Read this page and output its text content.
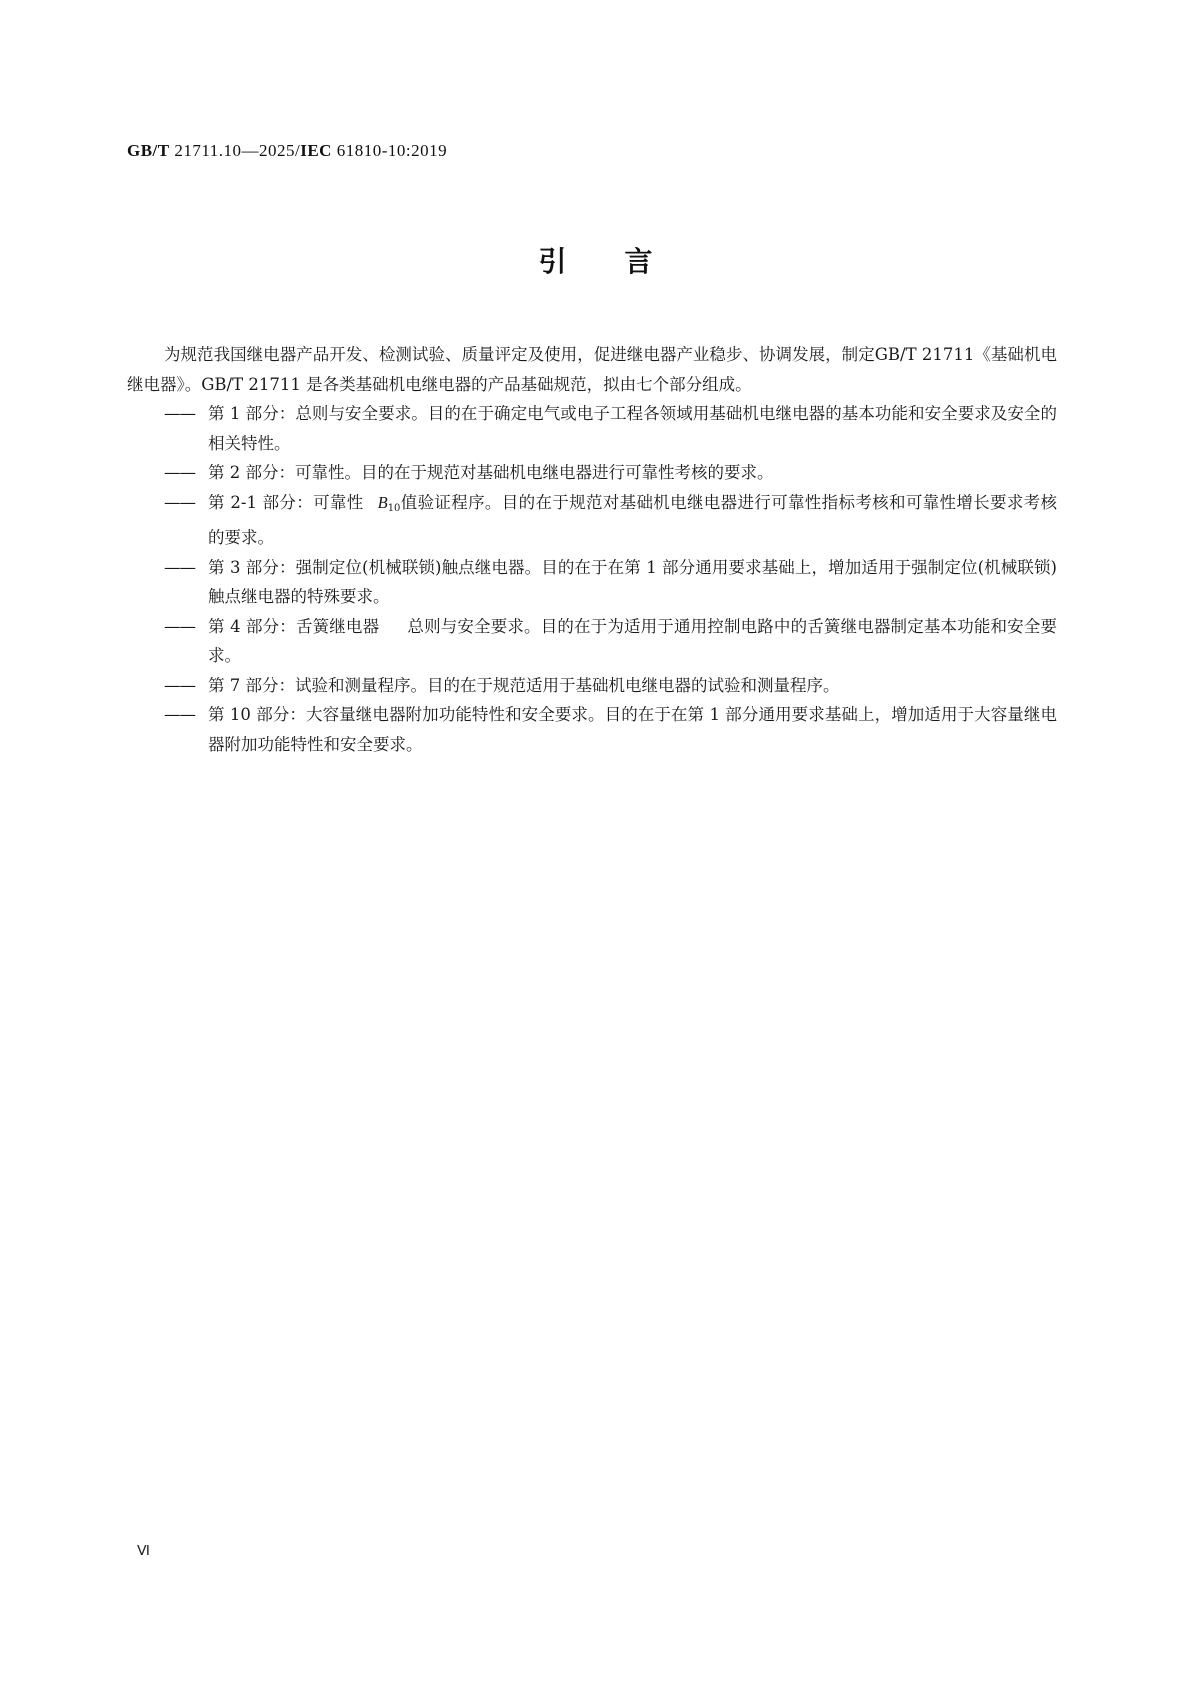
GB/T 21711.10—2025/IEC 61810-10:2019
引言

为规范我国继电器产品开发、检测试验、质量评定及使用，促进继电器产业稳步、协调发展，制定GB/T 21711《基础机电继电器》。GB/T 21711 是各类基础机电继电器的产品基础规范，拟由七个部分组成。

—— 第 1 部分：总则与安全要求。目的在于确定电气或电子工程各领域用基础机电继电器的基本功能和安全要求及安全的相关特性。
—— 第 2 部分：可靠性。目的在于规范对基础机电继电器进行可靠性考核的要求。
—— 第 2-1 部分：可靠性 $B_{10}$值验证程序。目的在于规范对基础机电继电器进行可靠性指标考核和可靠性增长要求考核的要求。
—— 第 3 部分：强制定位(机械联锁)触点继电器。目的在于在第 1 部分通用要求基础上，增加适用于强制定位(机械联锁)触点继电器的特殊要求。
—— 第 4 部分：舌簧继电器 总则与安全要求。目的在于为适用于通用控制电路中的舌簧继电器制定基本功能和安全要求。
—— 第 7 部分：试验和测量程序。目的在于规范适用于基础机电继电器的试验和测量程序。
—— 第 10 部分：大容量继电器附加功能特性和安全要求。目的在于在第 1 部分通用要求基础上，增加适用于大容量继电器附加功能特性和安全要求。
Ⅵ
